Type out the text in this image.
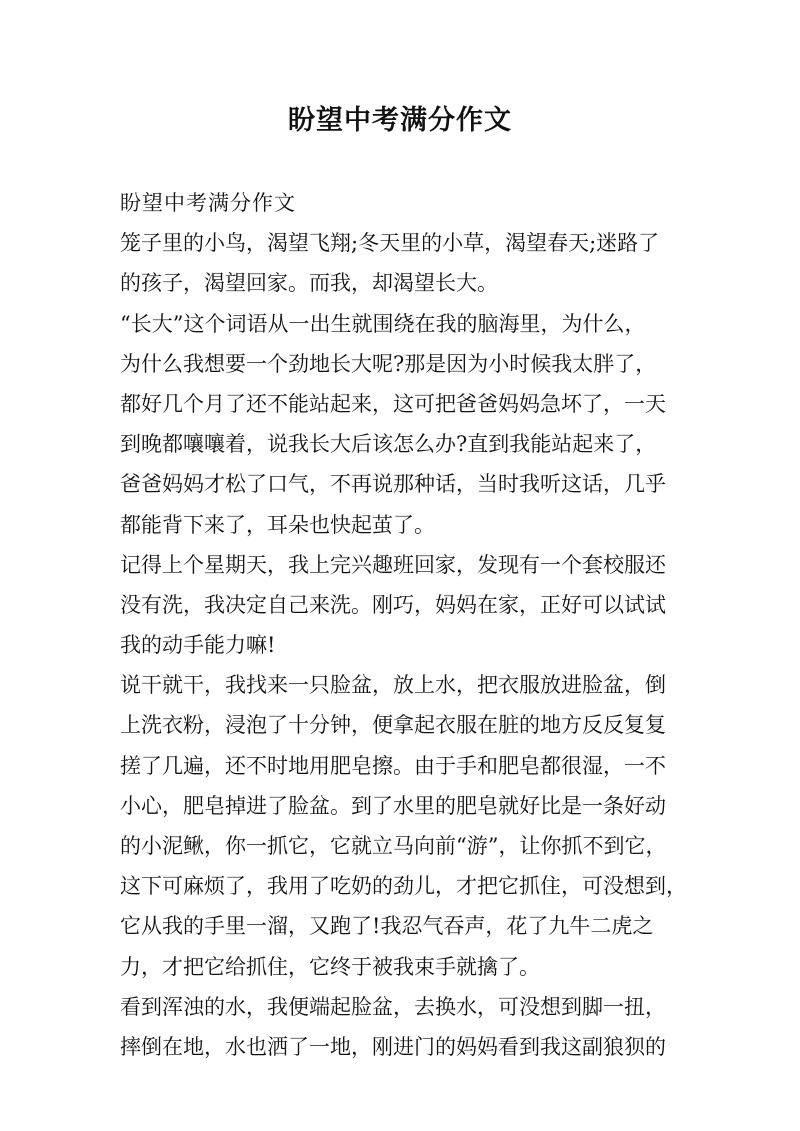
盼望中考满分作文
盼望中考满分作文
笼子里的小鸟，渴望飞翔;冬天里的小草，渴望春天;迷路了
的孩子，渴望回家。而我，却渴望长大。
“长大”这个词语从一出生就围绕在我的脑海里，为什么，
为什么我想要一个劲地长大呢?那是因为小时候我太胖了，
都好几个月了还不能站起来，这可把爸爸妈妈急坏了，一天
到晚都嚷嚷着，说我长大后该怎么办?直到我能站起来了，
爸爸妈妈才松了口气，不再说那种话，当时我听这话，几乎
都能背下来了，耳朵也快起茧了。
记得上个星期天，我上完兴趣班回家，发现有一个套校服还
没有洗，我决定自己来洗。刚巧，妈妈在家，正好可以试试
我的动手能力嘛!
说干就干，我找来一只脸盆，放上水，把衣服放进脸盆，倒
上洗衣粉，浸泡了十分钟，便拿起衣服在脏的地方反反复复
搓了几遍，还不时地用肥皂擦。由于手和肥皂都很湿，一不
小心，肥皂掉进了脸盆。到了水里的肥皂就好比是一条好动
的小泥鳅，你一抓它，它就立马向前“游”，让你抓不到它，
这下可麻烦了，我用了吃奶的劲儿，才把它抓住，可没想到，
它从我的手里一溜，又跑了!我忍气吞声，花了九牛二虎之
力，才把它给抓住，它终于被我束手就擒了。
看到浑浊的水，我便端起脸盆，去换水，可没想到脚一扭，
摔倒在地，水也洒了一地，刚进门的妈妈看到我这副狼狈的
